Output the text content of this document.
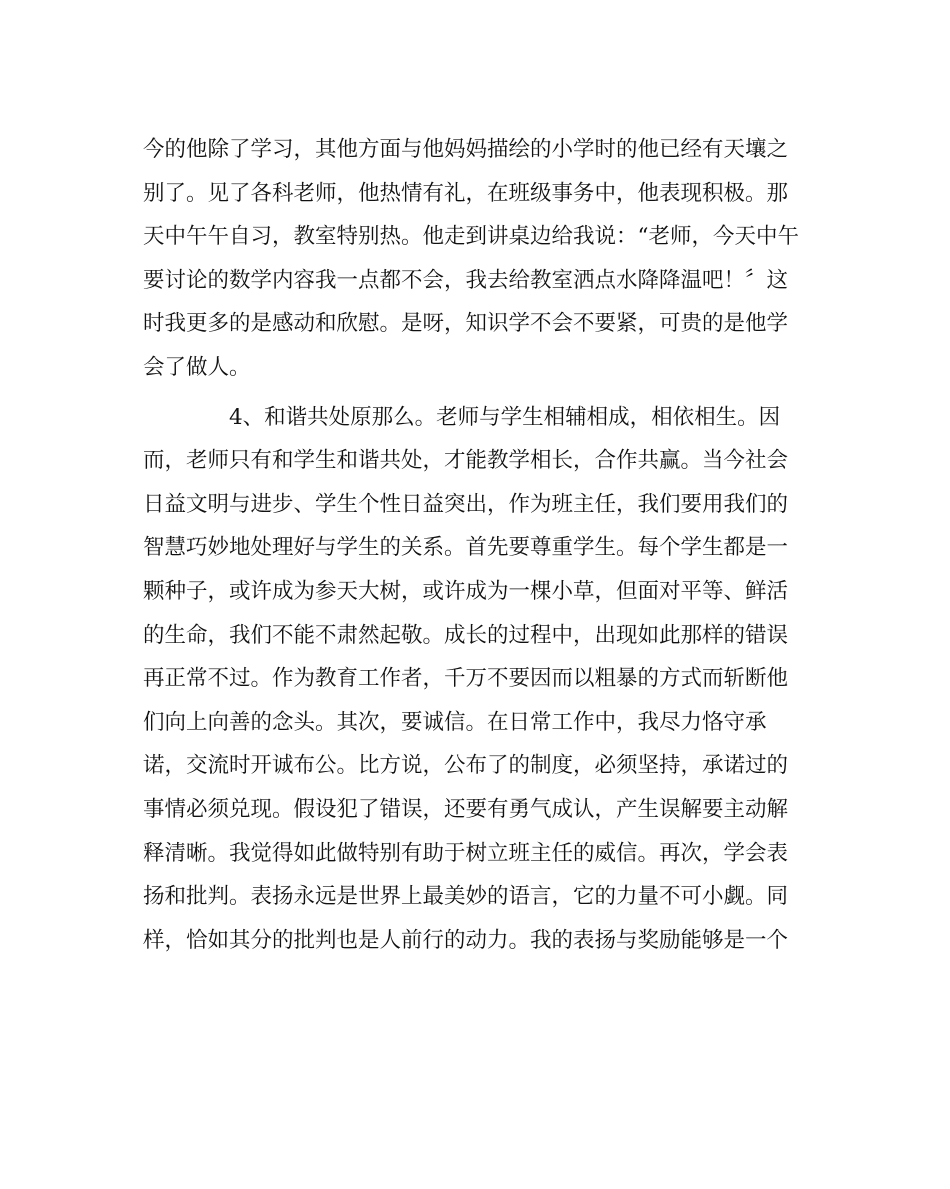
今的他除了学习，其他方面与他妈妈描绘的小学时的他已经有天壤之
别了。见了各科老师，他热情有礼，在班级事务中，他表现积极。那
天中午午自习，教室特别热。他走到讲桌边给我说：“老师，今天中午
要讨论的数学内容我一点都不会，我去给教室洒点水降降温吧！〞这
时我更多的是感动和欣慰。是呀，知识学不会不要紧，可贵的是他学
会了做人。
4、和谐共处原那么。老师与学生相辅相成，相依相生。因
而，老师只有和学生和谐共处，才能教学相长，合作共赢。当今社会
日益文明与进步、学生个性日益突出，作为班主任，我们要用我们的
智慧巧妙地处理好与学生的关系。首先要尊重学生。每个学生都是一
颗种子，或许成为参天大树，或许成为一棵小草，但面对平等、鲜活
的生命，我们不能不肃然起敬。成长的过程中，出现如此那样的错误
再正常不过。作为教育工作者，千万不要因而以粗暴的方式而斩断他
们向上向善的念头。其次，要诚信。在日常工作中，我尽力恪守承
诺，交流时开诚布公。比方说，公布了的制度，必须坚持，承诺过的
事情必须兑现。假设犯了错误，还要有勇气成认，产生误解要主动解
释清晰。我觉得如此做特别有助于树立班主任的威信。再次，学会表
扬和批判。表扬永远是世界上最美妙的语言，它的力量不可小觑。同
样，恰如其分的批判也是人前行的动力。我的表扬与奖励能够是一个
